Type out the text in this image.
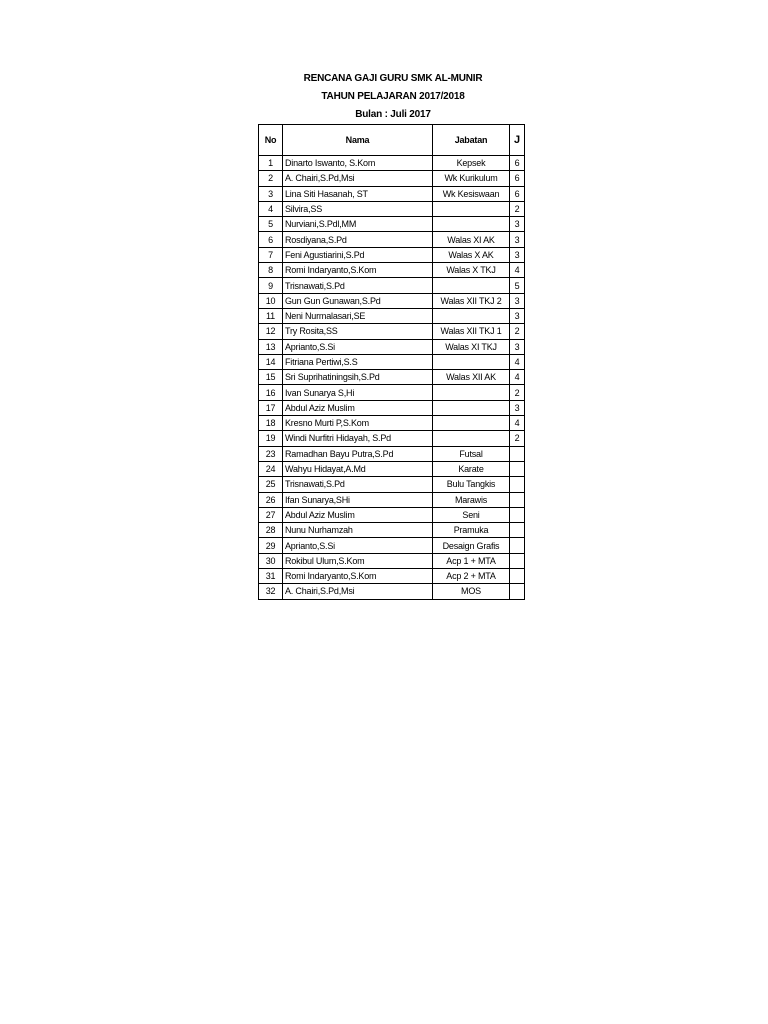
RENCANA GAJI GURU SMK AL-MUNIR
TAHUN PELAJARAN 2017/2018
Bulan : Juli 2017
No	Nama	Jabatan	J
1	Dinarto Iswanto, S.Kom	Kepsek	6
2	A. Chairi,S.Pd,Msi	Wk Kurikulum	6
3	Lina Siti Hasanah, ST	Wk Kesiswaan	6
4	Silvira,SS		2
5	Nurviani,S.Pdl,MM		3
6	Rosdiyana,S.Pd	Walas XI AK	3
7	Feni Agustiarini,S.Pd	Walas X AK	3
8	Romi Indaryanto,S.Kom	Walas X TKJ	4
9	Trisnawati,S.Pd		5
10	Gun Gun Gunawan,S.Pd	Walas XII TKJ 2	3
11	Neni Nurmalasari,SE		3
12	Try Rosita,SS	Walas XII TKJ 1	2
13	Aprianto,S.Si	Walas XI TKJ	3
14	Fitriana Pertiwi,S.S		4
15	Sri Suprihatiningsih,S.Pd	Walas XII AK	4
16	Ivan Sunarya S,Hi		2
17	Abdul Aziz Muslim		3
18	Kresno Murti P,S.Kom		4
19	Windi Nurfitri Hidayah, S.Pd		2
23	Ramadhan Bayu Putra,S.Pd	Futsal	
24	Wahyu Hidayat,A.Md	Karate	
25	Trisnawati,S.Pd	Bulu Tangkis	
26	Ifan Sunarya,SHi	Marawis	
27	Abdul Aziz Muslim	Seni	
28	Nunu Nurhamzah	Pramuka	
29	Aprianto,S.Si	Desaign Grafis	
30	Rokibul Ulum,S.Kom	Acp 1 + MTA	
31	Romi Indaryanto,S.Kom	Acp 2 + MTA	
32	A. Chairi,S.Pd,Msi	MOS	
